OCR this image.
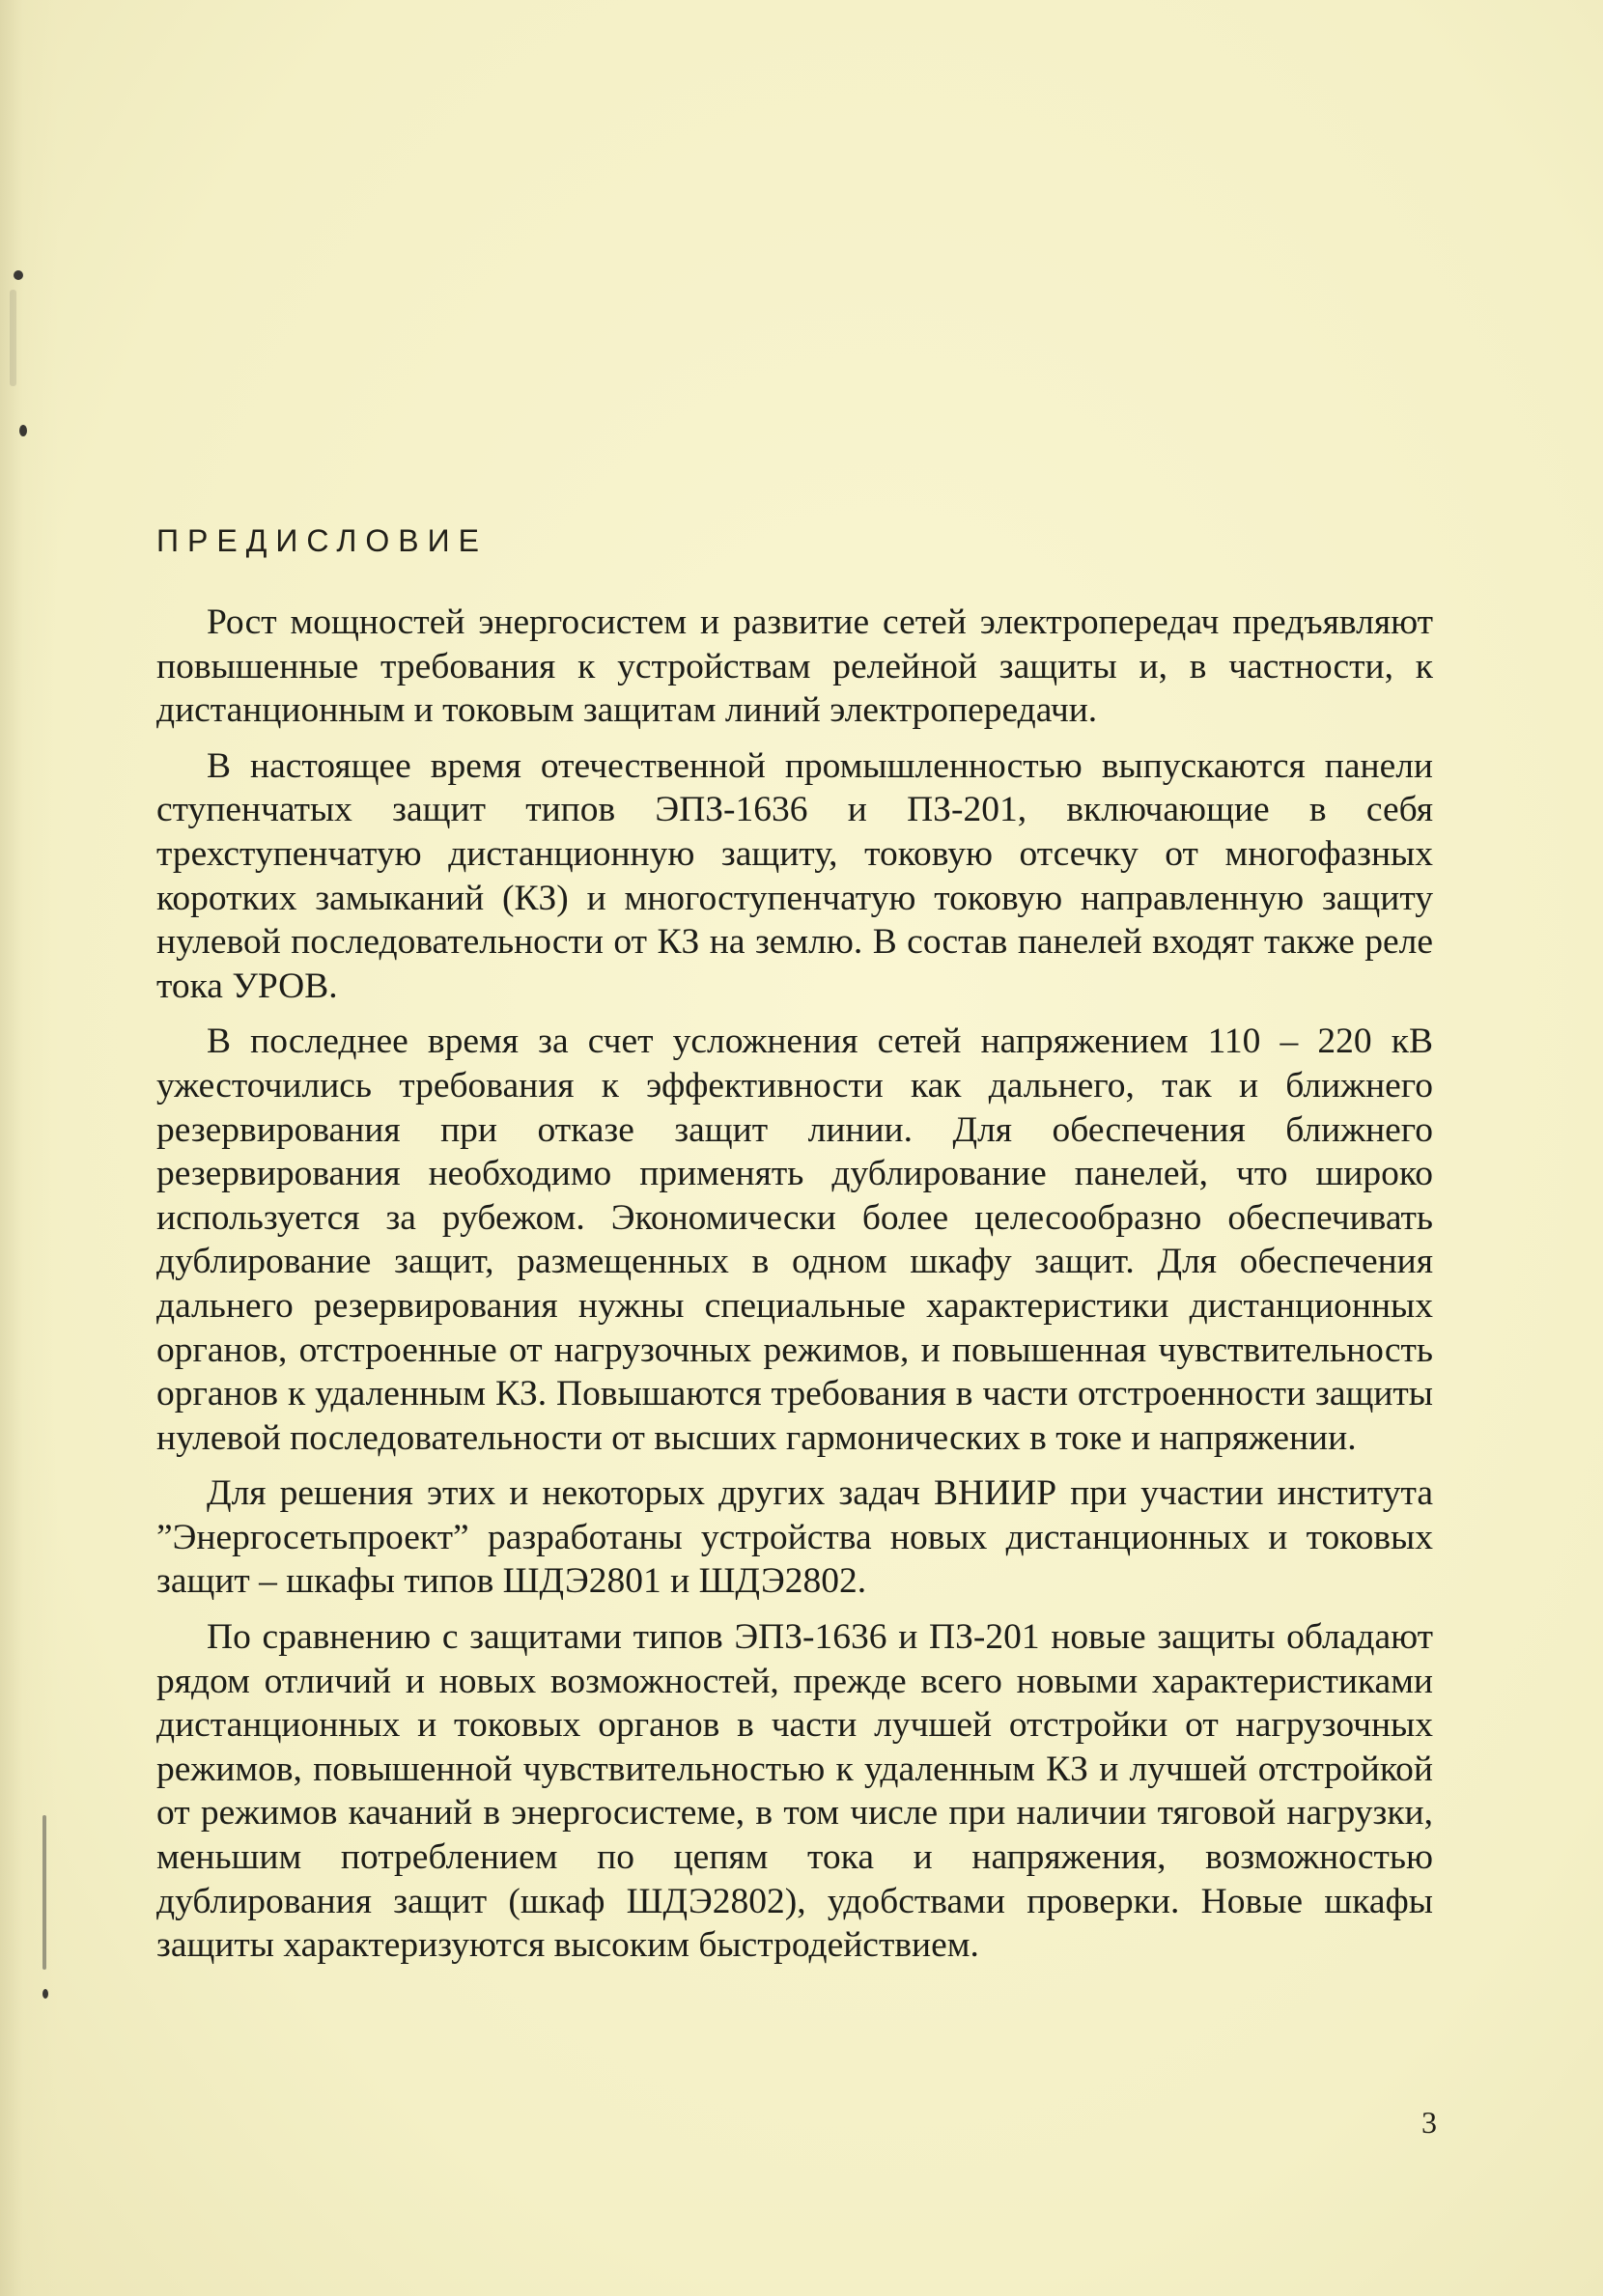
ПРЕДИСЛОВИЕ

Рост мощностей энергосистем и развитие сетей электропередач предъявляют повышенные требования к устройствам релейной защиты и, в частности, к дистанционным и токовым защитам линий электропередачи.

В настоящее время отечественной промышленностью выпускаются панели ступенчатых защит типов ЭПЗ-1636 и ПЗ-201, включающие в себя трехступенчатую дистанционную защиту, токовую отсечку от многофазных коротких замыканий (КЗ) и многоступенчатую токовую направленную защиту нулевой последовательности от КЗ на землю. В состав панелей входят также реле тока УРОВ.

В последнее время за счет усложнения сетей напряжением 110 – 220 кВ ужесточились требования к эффективности как дальнего, так и ближнего резервирования при отказе защит линии. Для обеспечения ближнего резервирования необходимо применять дублирование панелей, что широко используется за рубежом. Экономически более целесообразно обеспечивать дублирование защит, размещенных в одном шкафу защит. Для обеспечения дальнего резервирования нужны специальные характеристики дистанционных органов, отстроенные от нагрузочных режимов, и повышенная чувствительность органов к удаленным КЗ. Повышаются требования в части отстроенности защиты нулевой последовательности от высших гармонических в токе и напряжении.

Для решения этих и некоторых других задач ВНИИР при участии института ”Энергосетьпроект” разработаны устройства новых дистанционных и токовых защит – шкафы типов ШДЭ2801 и ШДЭ2802.

По сравнению с защитами типов ЭПЗ-1636 и ПЗ-201 новые защиты обладают рядом отличий и новых возможностей, прежде всего новыми характеристиками дистанционных и токовых органов в части лучшей отстройки от нагрузочных режимов, повышенной чувствительностью к удаленным КЗ и лучшей отстройкой от режимов качаний в энергосистеме, в том числе при наличии тяговой нагрузки, меньшим потреблением по цепям тока и напряжения, возможностью дублирования защит (шкаф ШДЭ2802), удобствами проверки. Новые шкафы защиты характеризуются высоким быстродействием.

3
